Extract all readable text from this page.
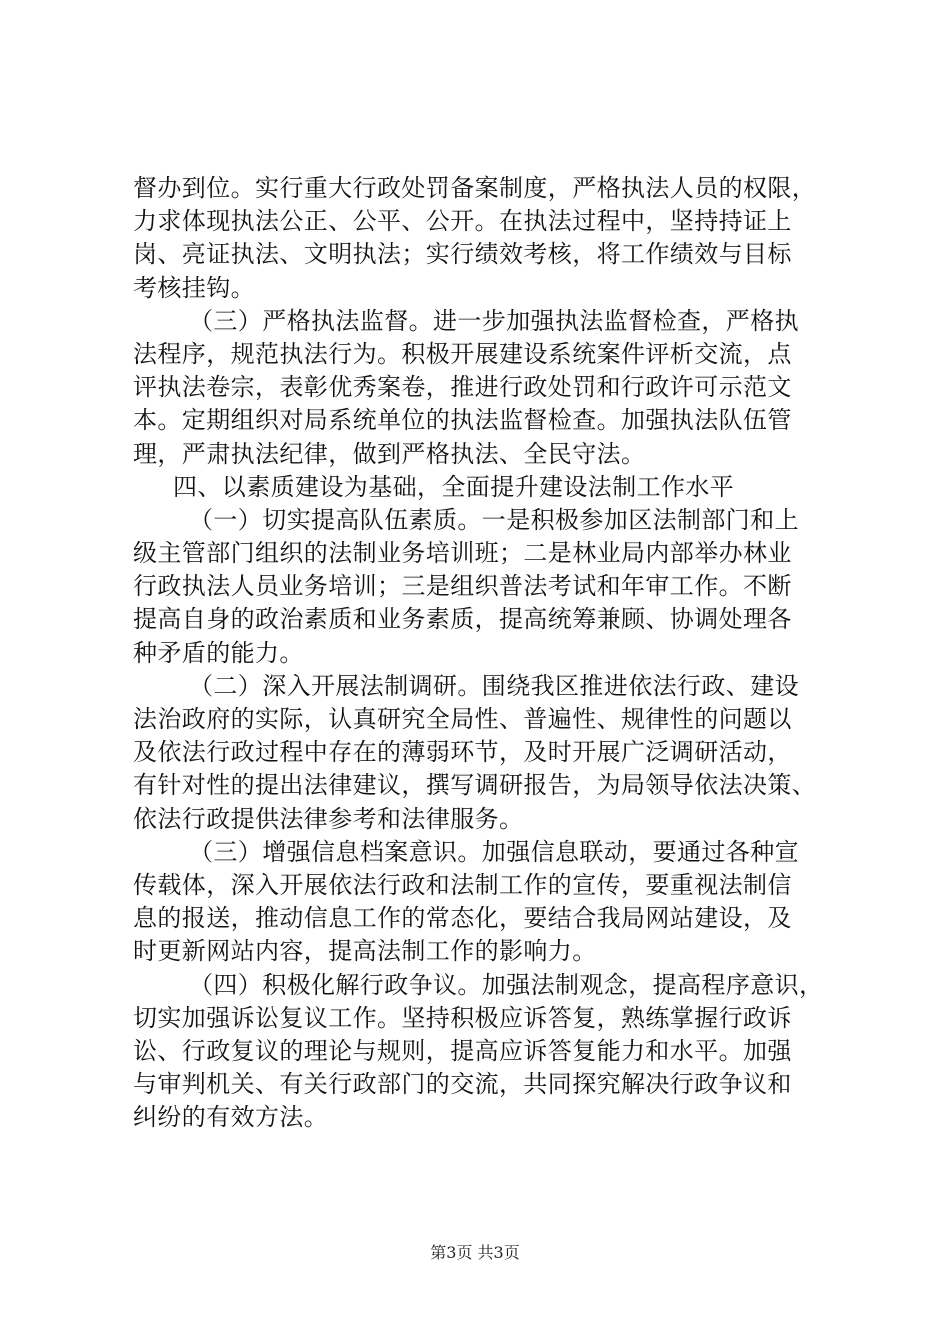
督办到位。实行重大行政处罚备案制度，严格执法人员的权限，
力求体现执法公正、公平、公开。在执法过程中，坚持持证上
岗、亮证执法、文明执法；实行绩效考核，将工作绩效与目标
考核挂钩。
（三）严格执法监督。进一步加强执法监督检查，严格执
法程序，规范执法行为。积极开展建设系统案件评析交流，点
评执法卷宗，表彰优秀案卷，推进行政处罚和行政许可示范文
本。定期组织对局系统单位的执法监督检查。加强执法队伍管
理，严肃执法纪律，做到严格执法、全民守法。
四、以素质建设为基础，全面提升建设法制工作水平
（一）切实提高队伍素质。一是积极参加区法制部门和上
级主管部门组织的法制业务培训班；二是林业局内部举办林业
行政执法人员业务培训；三是组织普法考试和年审工作。不断
提高自身的政治素质和业务素质，提高统筹兼顾、协调处理各
种矛盾的能力。
（二）深入开展法制调研。围绕我区推进依法行政、建设
法治政府的实际，认真研究全局性、普遍性、规律性的问题以
及依法行政过程中存在的薄弱环节，及时开展广泛调研活动，
有针对性的提出法律建议，撰写调研报告，为局领导依法决策、
依法行政提供法律参考和法律服务。
（三）增强信息档案意识。加强信息联动，要通过各种宣
传载体，深入开展依法行政和法制工作的宣传，要重视法制信
息的报送，推动信息工作的常态化，要结合我局网站建设，及
时更新网站内容，提高法制工作的影响力。
（四）积极化解行政争议。加强法制观念，提高程序意识，
切实加强诉讼复议工作。坚持积极应诉答复，熟练掌握行政诉
讼、行政复议的理论与规则，提高应诉答复能力和水平。加强
与审判机关、有关行政部门的交流，共同探究解决行政争议和
纠纷的有效方法。
第3页 共3页
